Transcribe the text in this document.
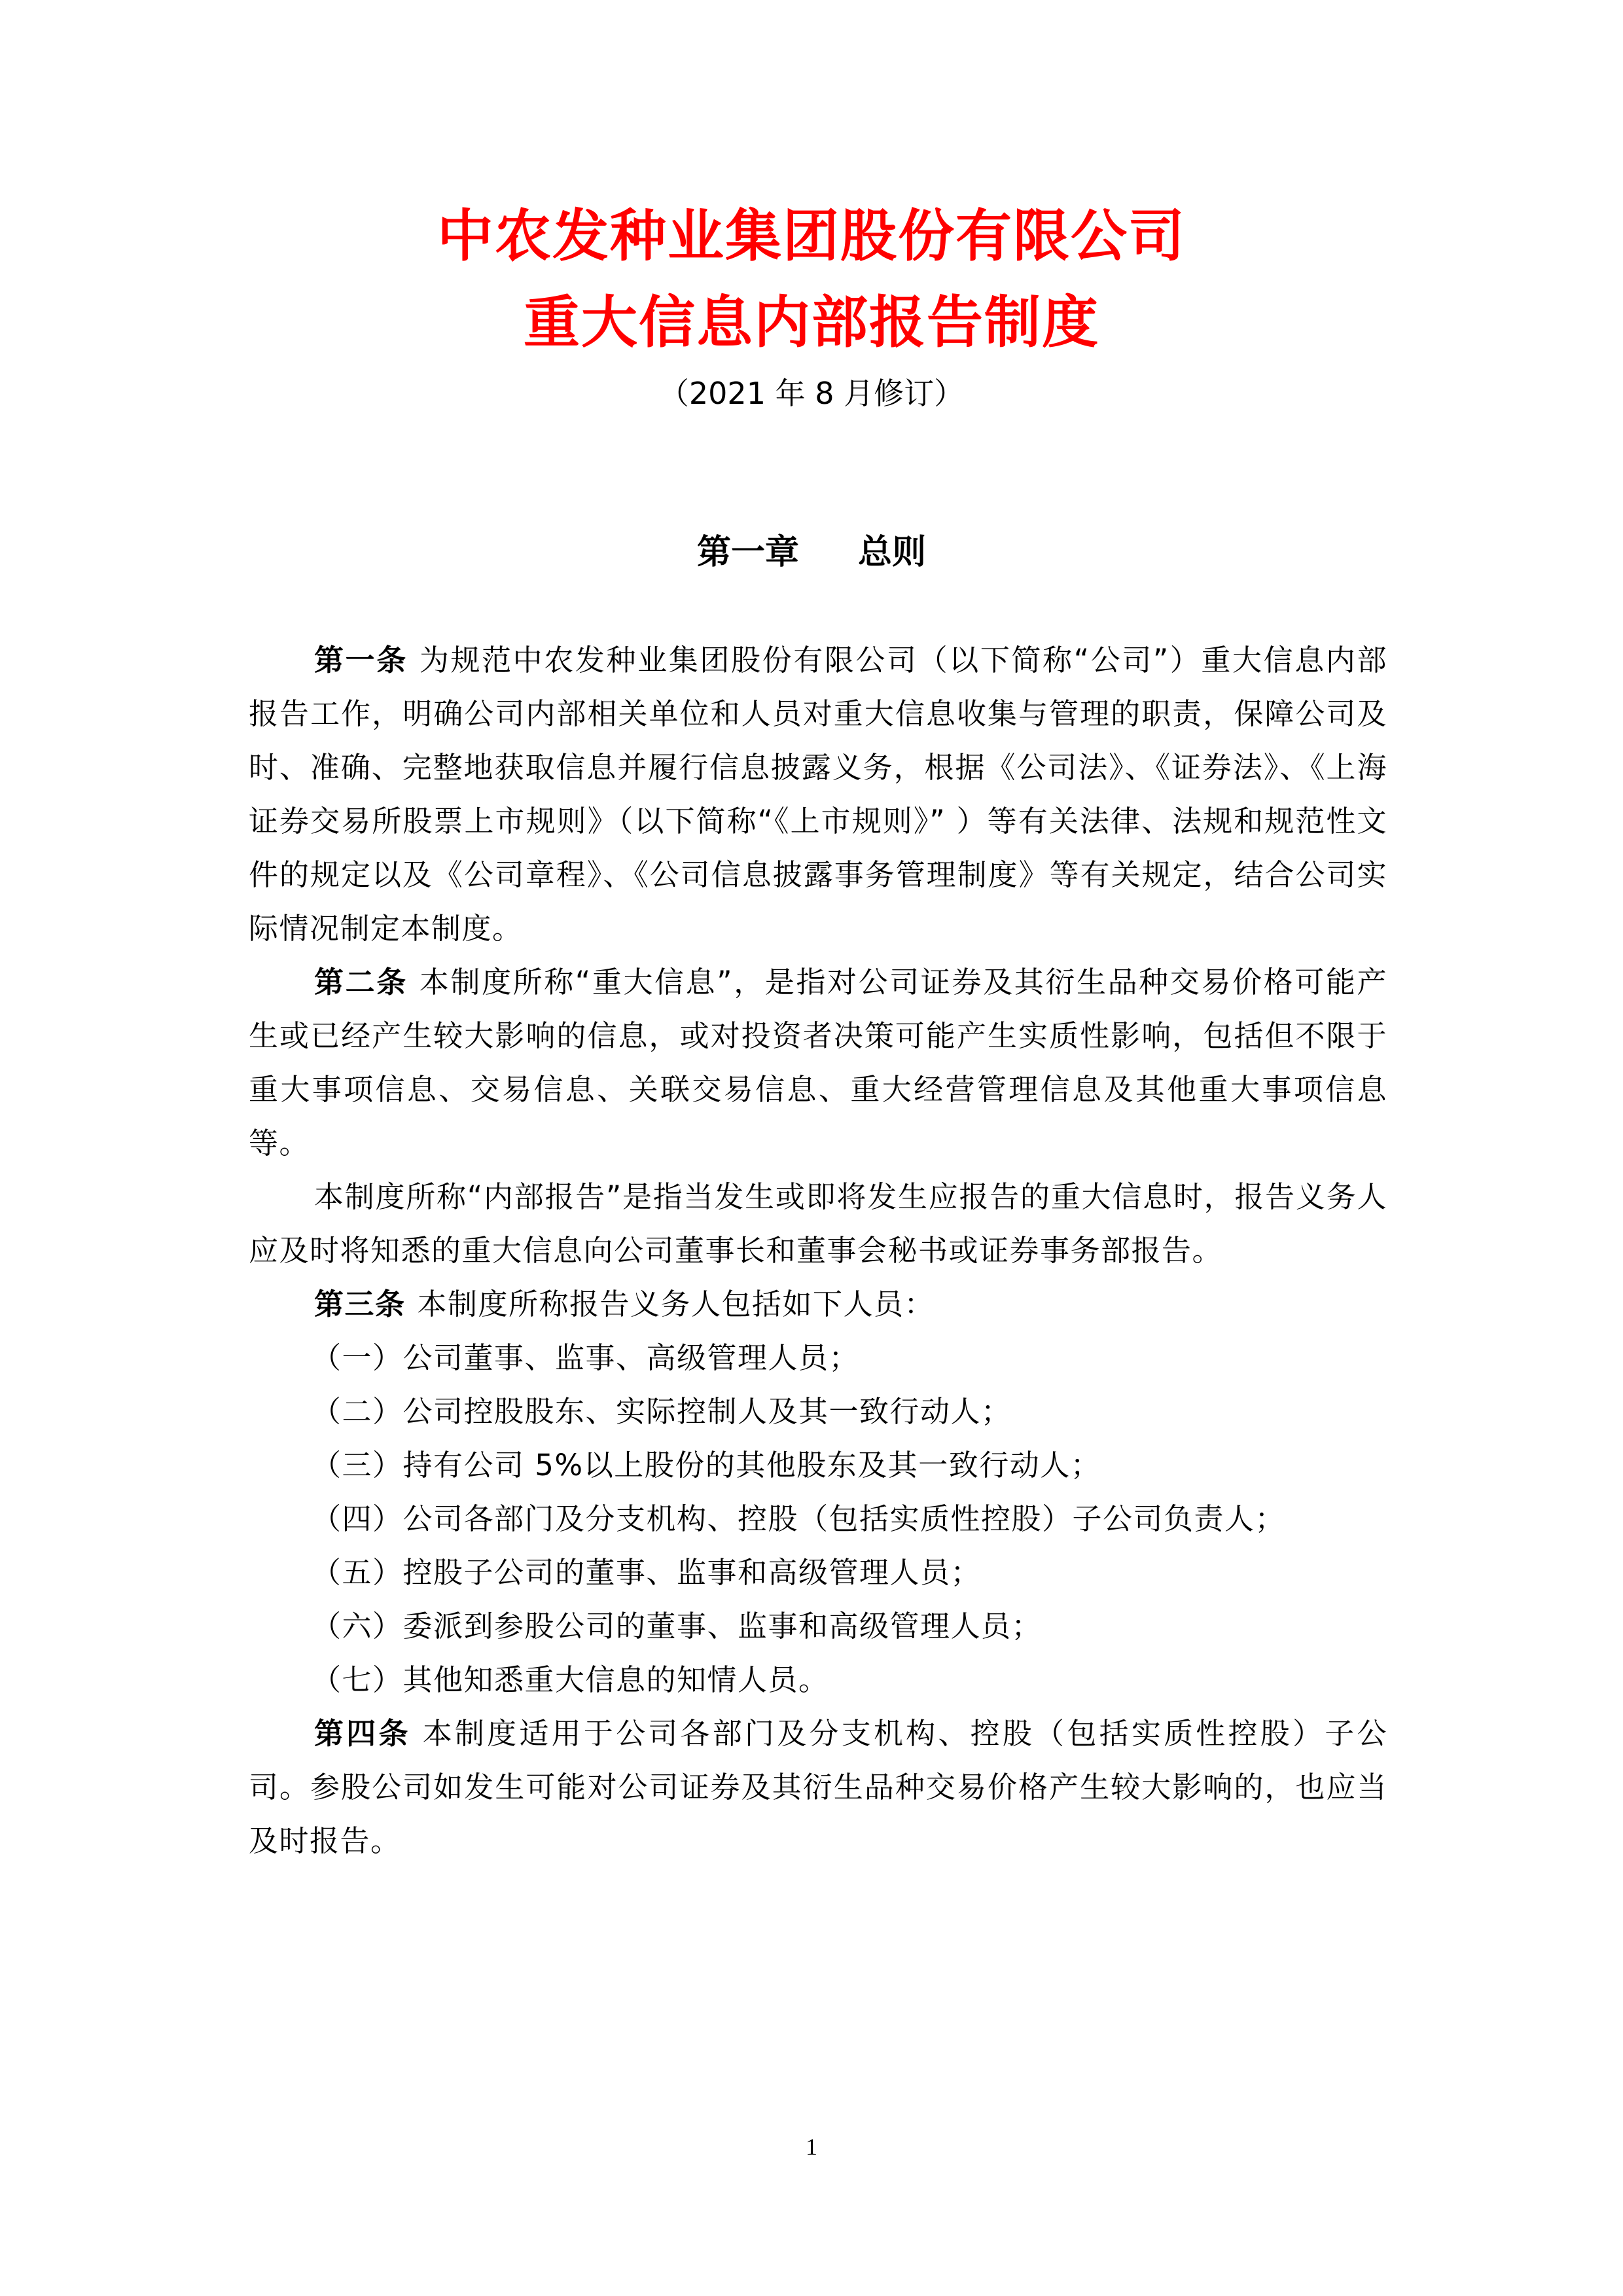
中农发种业集团股份有限公司
重大信息内部报告制度
（2021 年 8 月修订）
第一章 总则

第一条 为规范中农发种业集团股份有限公司（以下简称“公司”）重大信息内部报告工作，明确公司内部相关单位和人员对重大信息收集与管理的职责，保障公司及时、准确、完整地获取信息并履行信息披露义务，根据《公司法》、《证券法》、《上海证券交易所股票上市规则》（以下简称“《上市规则》” ）等有关法律、法规和规范性文件的规定以及《公司章程》、《公司信息披露事务管理制度》等有关规定，结合公司实际情况制定本制度。

第二条 本制度所称“重大信息”，是指对公司证券及其衍生品种交易价格可能产生或已经产生较大影响的信息，或对投资者决策可能产生实质性影响，包括但不限于重大事项信息、交易信息、关联交易信息、重大经营管理信息及其他重大事项信息等。

本制度所称“内部报告”是指当发生或即将发生应报告的重大信息时，报告义务人应及时将知悉的重大信息向公司董事长和董事会秘书或证券事务部报告。

第三条 本制度所称报告义务人包括如下人员：

（一）公司董事、监事、高级管理人员；

（二）公司控股股东、实际控制人及其一致行动人；

（三）持有公司 5%以上股份的其他股东及其一致行动人；

（四）公司各部门及分支机构、控股（包括实质性控股）子公司负责人；

（五）控股子公司的董事、监事和高级管理人员；

（六）委派到参股公司的董事、监事和高级管理人员；

（七）其他知悉重大信息的知情人员。

第四条 本制度适用于公司各部门及分支机构、控股（包括实质性控股）子公司。参股公司如发生可能对公司证券及其衍生品种交易价格产生较大影响的，也应当及时报告。

1
